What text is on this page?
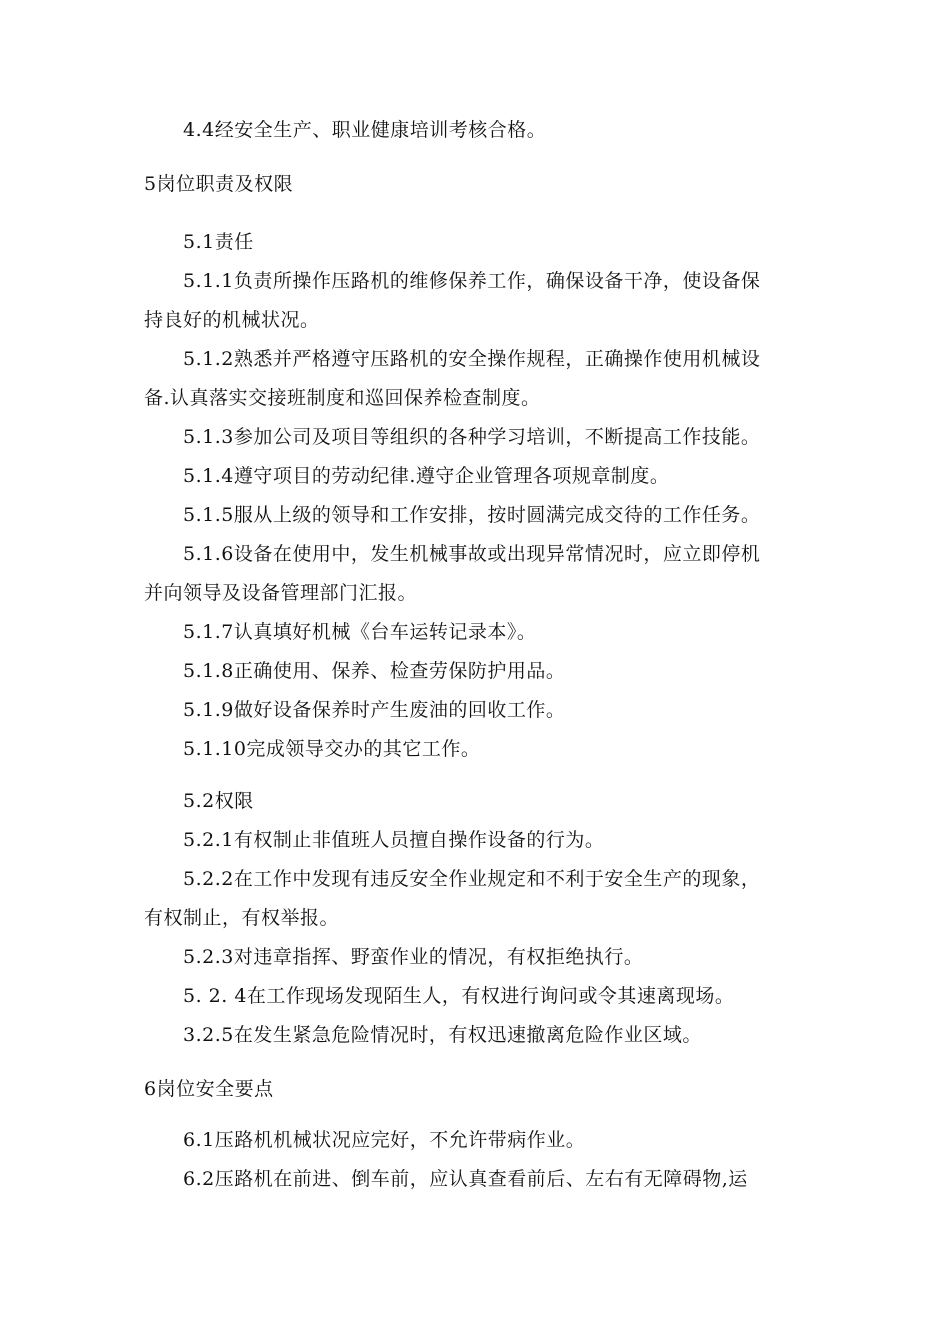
4.4经安全生产、职业健康培训考核合格。

5岗位职责及权限

5.1责任

5.1.1负责所操作压路机的维修保养工作，确保设备干净，使设备保

持良好的机械状况。

5.1.2熟悉并严格遵守压路机的安全操作规程，正确操作使用机械设

备.认真落实交接班制度和巡回保养检查制度。

5.1.3参加公司及项目等组织的各种学习培训，不断提高工作技能。

5.1.4遵守项目的劳动纪律.遵守企业管理各项规章制度。

5.1.5服从上级的领导和工作安排，按时圆满完成交待的工作任务。

5.1.6设备在使用中，发生机械事故或出现异常情况时，应立即停机

并向领导及设备管理部门汇报。

5.1.7认真填好机械《台车运转记录本》。

5.1.8正确使用、保养、检查劳保防护用品。

5.1.9做好设备保养时产生废油的回收工作。

5.1.10完成领导交办的其它工作。

5.2权限

5.2.1有权制止非值班人员擅自操作设备的行为。

5.2.2在工作中发现有违反安全作业规定和不利于安全生产的现象，

有权制止，有权举报。

5.2.3对违章指挥、野蛮作业的情况，有权拒绝执行。

5. 2. 4在工作现场发现陌生人，有权进行询问或令其速离现场。

3.2.5在发生紧急危险情况时，有权迅速撤离危险作业区域。

6岗位安全要点

6.1压路机机械状况应完好，不允许带病作业。

6.2压路机在前进、倒车前，应认真查看前后、左右有无障碍物,运
